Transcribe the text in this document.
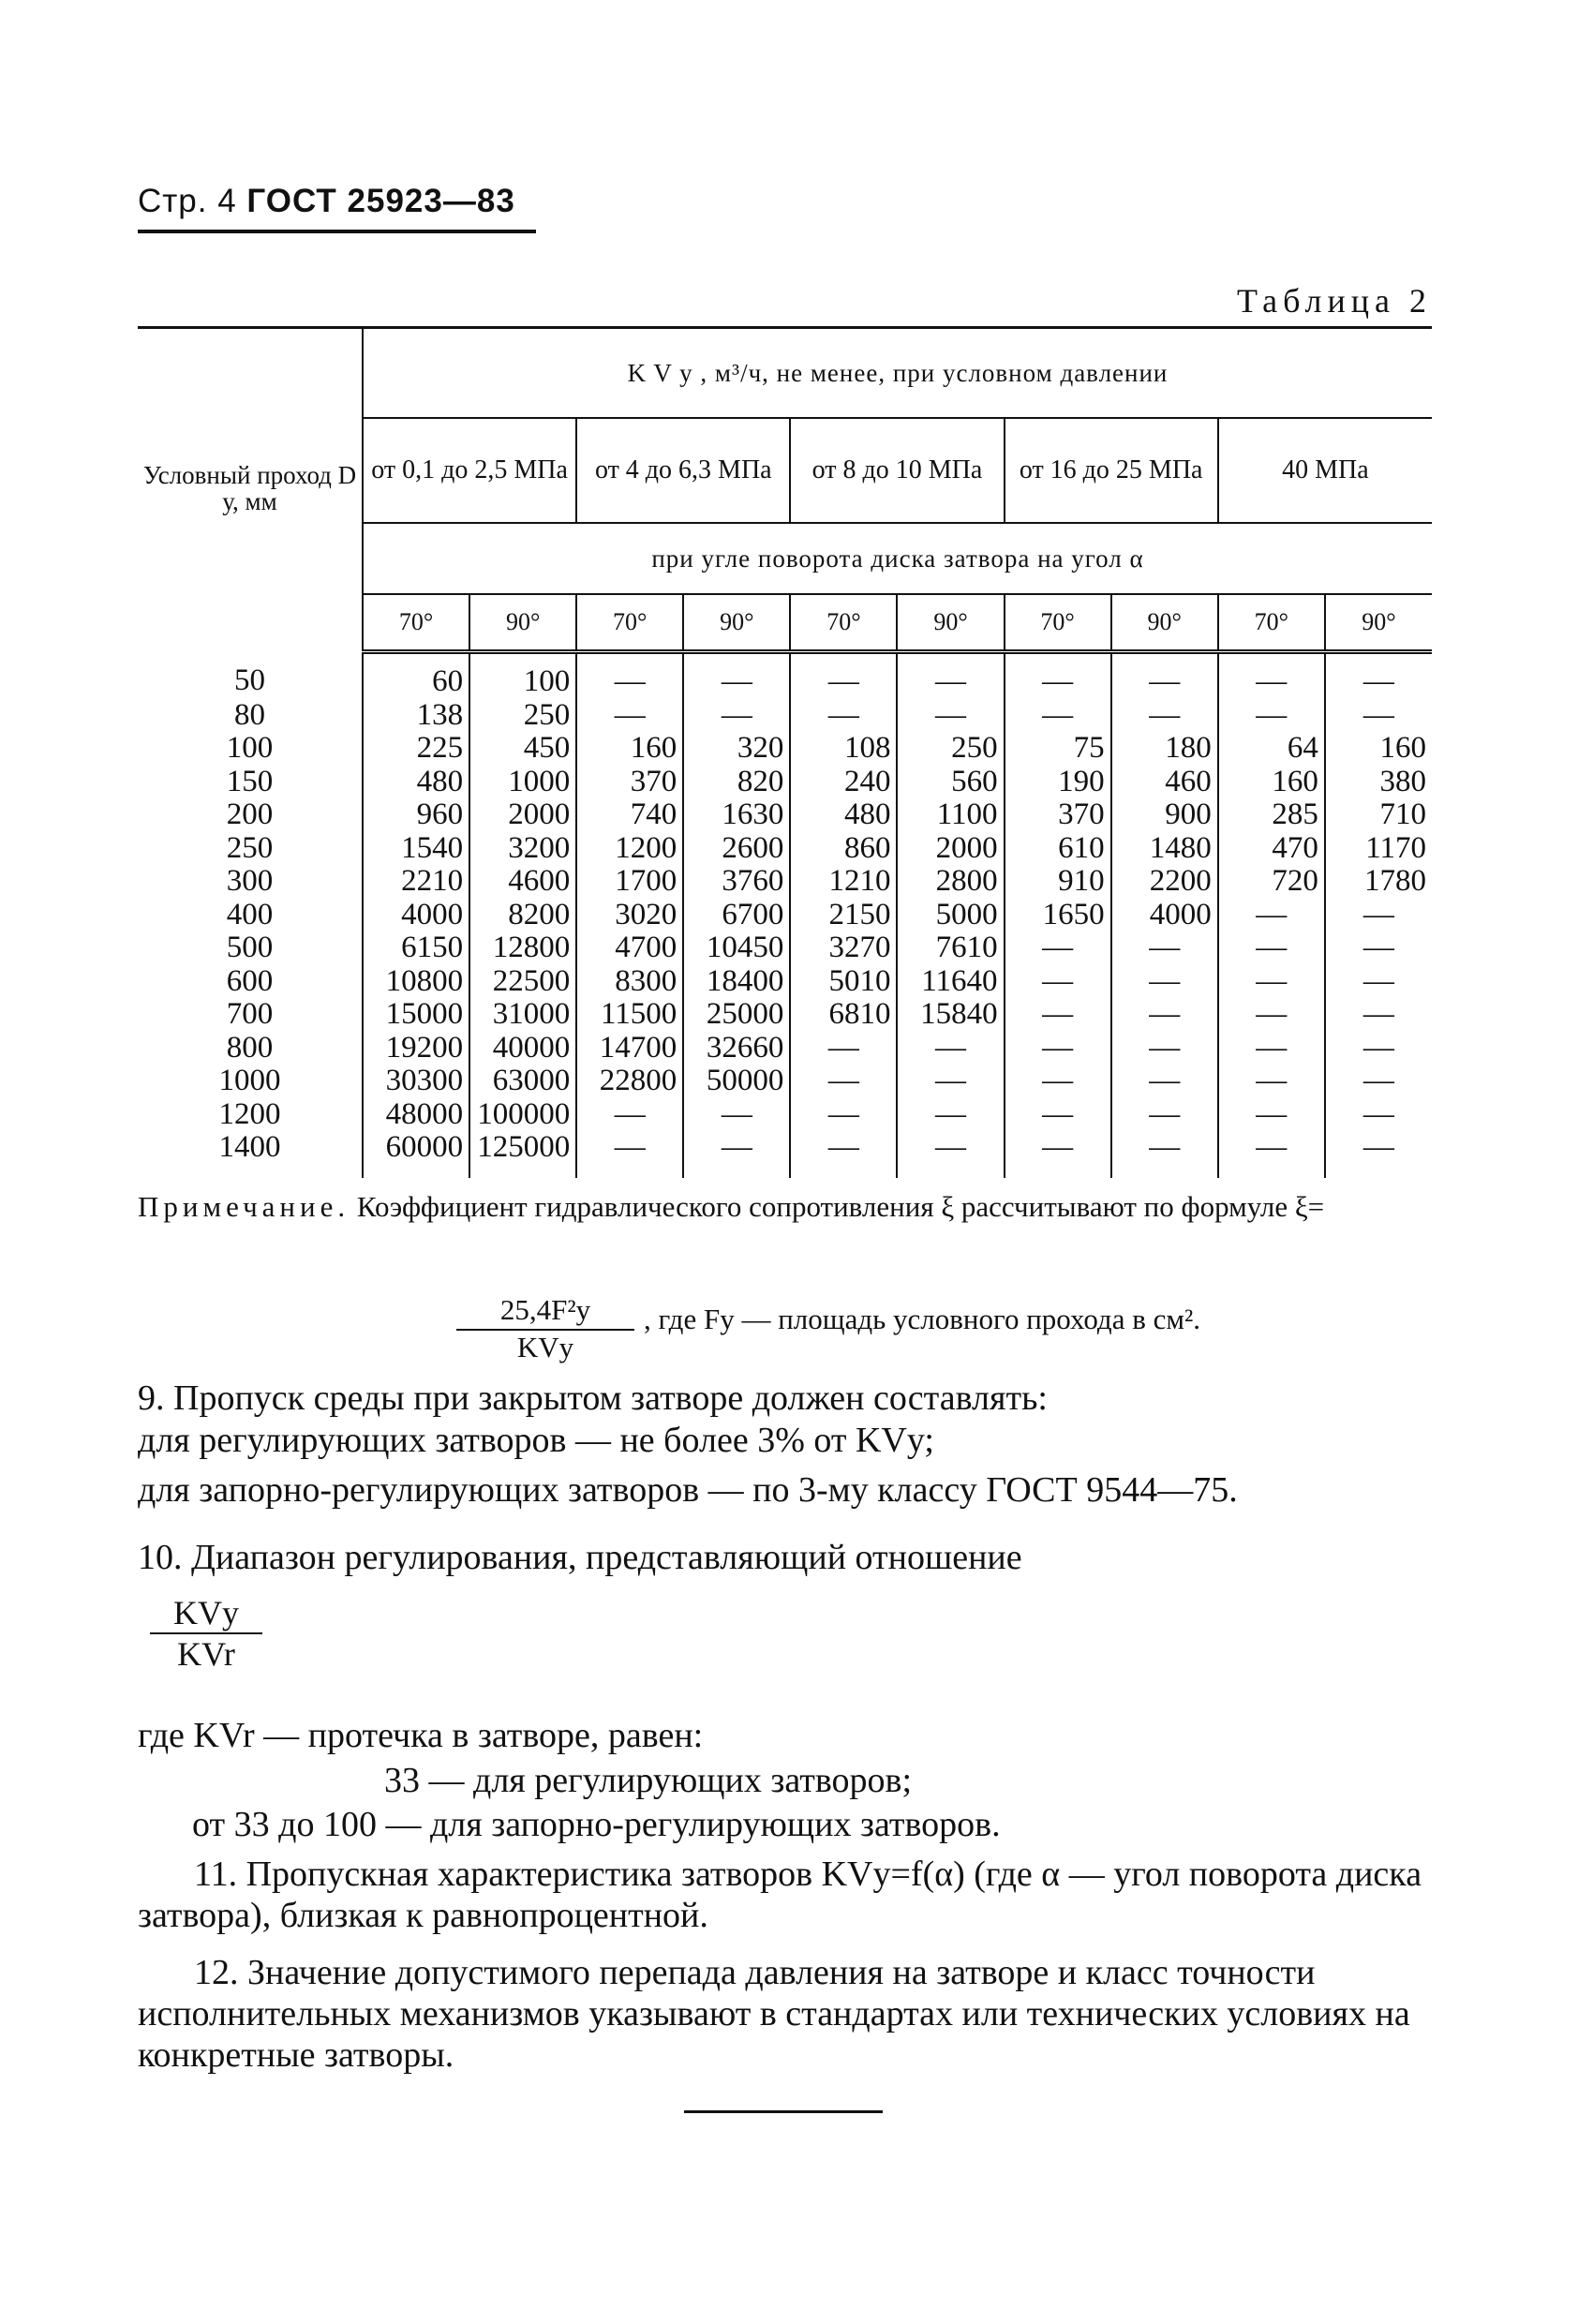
Стр. 4 ГОСТ 25923—83
Таблица 2
Условный проход D у, мм	K V у , м³/ч, не менее, при условном давлении									
	от 0,1 до 2,5 МПа		от 4 до 6,3 МПа		от 8 до 10 МПа		от 16 до 25 МПа		40 МПа	
	при угле поворота диска затвора на угол α									
	70°	90°	70°	90°	70°	90°	70°	90°	70°	90°
50	60	100	—	—	—	—	—	—	—	—
80	138	250	—	—	—	—	—	—	—	—
100	225	450	160	320	108	250	75	180	64	160
150	480	1000	370	820	240	560	190	460	160	380
200	960	2000	740	1630	480	1100	370	900	285	710
250	1540	3200	1200	2600	860	2000	610	1480	470	1170
300	2210	4600	1700	3760	1210	2800	910	2200	720	1780
400	4000	8200	3020	6700	2150	5000	1650	4000	—	—
500	6150	12800	4700	10450	3270	7610	—	—	—	—
600	10800	22500	8300	18400	5010	11640	—	—	—	—
700	15000	31000	11500	25000	6810	15840	—	—	—	—
800	19200	40000	14700	32660	—	—	—	—	—	—
1000	30300	63000	22800	50000	—	—	—	—	—	—
1200	48000	100000	—	—	—	—	—	—	—	—
1400	60000	125000	—	—	—	—	—	—	—	—
Примечание. Коэффициент гидравлического сопротивления ξ рассчитывают по формуле ξ=
25,4F²у
KVу
, где Fу — площадь условного прохода в см².
9. Пропуск среды при закрытом затворе должен составлять:
для регулирующих затворов — не более 3% от KVу;
для запорно-регулирующих затворов — по 3-му классу ГОСТ 9544—75.
10. Диапазон регулирования, представляющий отношение
KVу
KVr
где KVr — протечка в затворе, равен:
33 — для регулирующих затворов;
от 33 до 100 — для запорно-регулирующих затворов.
11. Пропускная характеристика затворов KVу=f(α) (где α — угол поворота диска затвора), близкая к равнопроцентной.
12. Значение допустимого перепада давления на затворе и класс точности исполнительных механизмов указывают в стандартах или технических условиях на конкретные затворы.
